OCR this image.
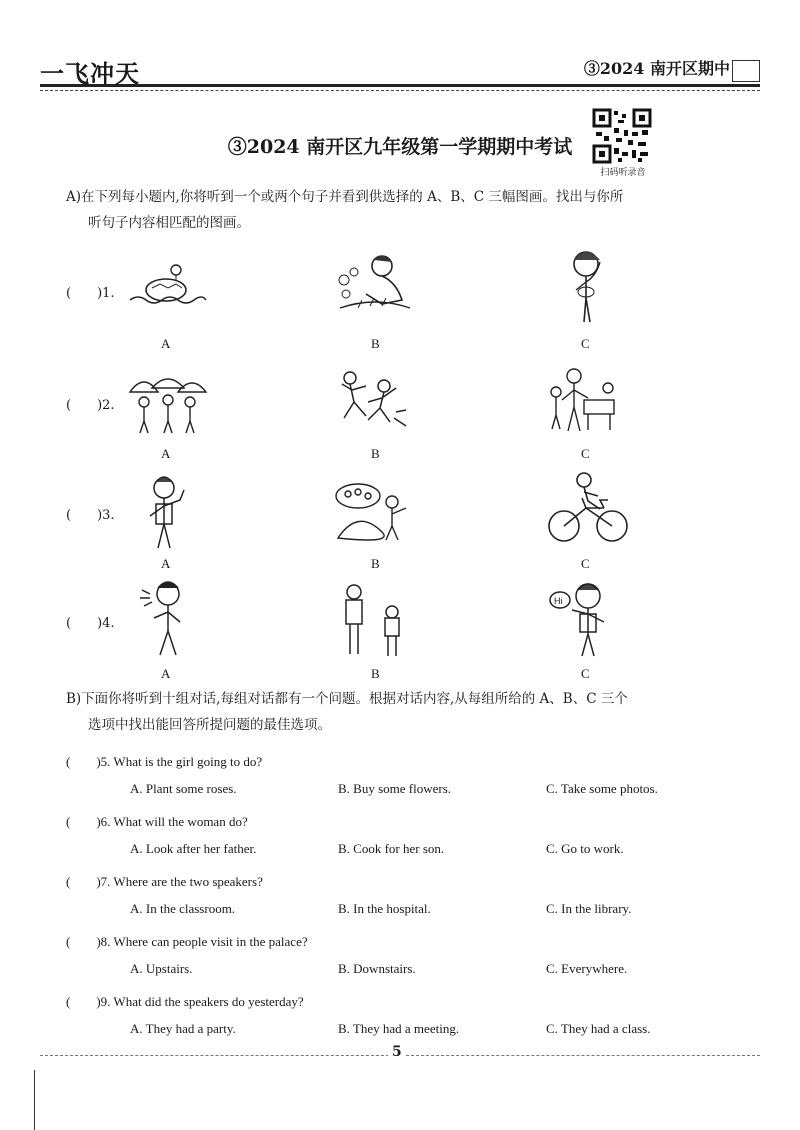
一飞冲天	③2024 南开区期中
③2024 南开区九年级第一学期期中考试
扫码听录音
A)在下列每小题内,你将听到一个或两个句子并看到供选择的 A、B、C 三幅图画。找出与你所
听句子内容相匹配的图画。
(　　)1.
A	B	C
(　　)2.
A	B	C
(　　)3.
A	B	C
(　　)4.
Hi
A	B	C
B)下面你将听到十组对话,每组对话都有一个问题。根据对话内容,从每组所给的 A、B、C 三个
选项中找出能回答所提问题的最佳选项。
(　　)5. What is the girl going to do?
A. Plant some roses.	B. Buy some flowers.	C. Take some photos.
(　　)6. What will the woman do?
A. Look after her father.	B. Cook for her son.	C. Go to work.
(　　)7. Where are the two speakers?
A. In the classroom.	B. In the hospital.	C. In the library.
(　　)8. Where can people visit in the palace?
A. Upstairs.	B. Downstairs.	C. Everywhere.
(　　)9. What did the speakers do yesterday?
A. They had a party.	B. They had a meeting.	C. They had a class.
5
